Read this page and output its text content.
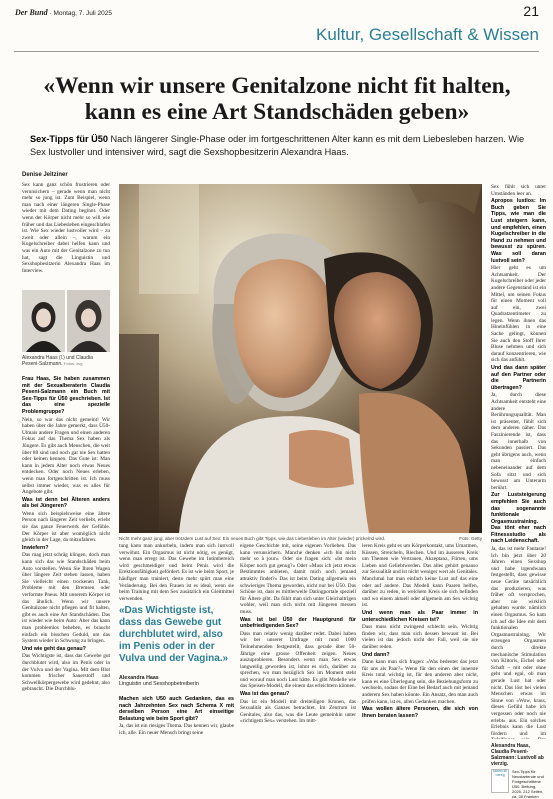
Der Bund · Montag, 7. Juli 2025	21
Kultur, Gesellschaft & Wissen
«Wenn wir unsere Genitalzone nicht fit halten, kann es eine Art Standschäden geben»
Sex-Tipps für Ü50 Nach längerer Single-Phase oder im fortgeschrittenen Alter kann es mit dem Liebesleben harzen. Wie Sex lustvoller und intensiver wird, sagt die Sexshopbesitzerin Alexandra Haas.
Denise Jeitziner

Sex kann ganz schön frustrieren oder verunsichern – gerade wenn man nicht mehr so jung ist. Zum Beispiel, wenn man nach einer längeren Single-Phase wieder mit dem Dating beginnt. Oder wenn der Körper nicht mehr so will wie früher und das Liebesleben eingeschlafen ist. Wie Sex wieder lustvoller wird – zu zweit oder allein –, warum ein Kugelschreiber dabei helfen kann und was ein Auto mit der Genitalzone zu tun hat, sagt die Linguistin und Sexshopbesitzerin Alexandra Haas im Interview.

Alexandra Haas (l.) und Claudia Peseni-Salzmann. Fotos: zvg

Frau Haas, Sie haben zusammen mit der Sexualberaterin Claudia Peseni-Salzmann ein Buch mit Sex-Tipps für Ü50 geschrieben. Ist das eine spezielle Problemgruppe?

Nein, so war das nicht gemeint! Wir haben über die Jahre gemerkt, dass Ü50-Ulmais andere Fragen und einen anderen Fokus auf das Thema Sex haben als Jüngere. Es gibt auch Menschen, die weit über 80 sind und noch gar nie Sex hatten oder keinen kennen. Das Gute ist: Man kann in jedem Alter noch etwas Neues entdecken. Oder noch Neues erleben, wenn man fortgeschritten ist. Ich muss selbst immer wieder, was es alles für Angebote gibt.

Was ist denn bei Älteren anders als bei Jüngeren?

Wenn sich beispielsweise eine ältere Person nach längerer Zeit verliebt, erlebt sie das ganze Feuerwerk der Gefühle. Der Körper ist aber womöglich nicht gleich in der Lage, da mitzufahren.

Inwiefern?

Das mag jetzt schräg klingen, doch man kann sich das wie Standschäden beim Auto vorstellen. Wenn Sie Ihren Wagen über längere Zeit stehen lassen, haben Sie vielleicht einen trockenen Tank, Probleme mit den Bremsen oder verformte Pneus. Mit unserem Körper ist das ähnlich. Wenn wir unsere Genitalzone nicht pflegen und fit halten, gibt es auch eine Art Standschäden. Das ist wieder wie beim Auto: Aber das kann man problemlos beheben, es braucht einfach ein bisschen Geduld, um das System wieder in Schwung zu bringen.

Und wie geht das genau?

Das Wichtigste ist, dass das Gewebe gut durchblutet wird, also im Penis oder in der Vulva und der Vagina. Mit dem Blut kommen frischer Sauerstoff und Schwellkörpergewebe wird gedehnt, also gebraucht. Die Durchblu-

Foto: Getty
Nicht mehr ganz jung, aber trotzdem Lust auf Sex: Ein neues Buch gibt Tipps, wie das Liebesleben im Alter (wieder) prickelnd wird.

tung kann man ankurbeln, indem man sich lustvoll verwöhnt. Ein Orgasmus ist nicht nötig, es genügt, wenn man erregt ist. Das Gewebe im Intimbereich wird geschmeidiger und beim Penis wird die Erektionsfähigkeit gefördert. Es ist wie beim Sport, je häufiger man trainiert, desto mehr spürt man eine Veränderung. Bei den Frauen ist es ideal, wenn sie beim Training mit dem Sex zusätzlich ein Gleitmittel verwenden.

«Das Wichtigste ist, dass das Gewebe gut durchblutet wird, also im Penis oder in der Vulva und der Vagina.»
Alexandra Haas
Linguistin und Sexshopbetreiberin

Machen sich Ü50 auch Gedanken, das es nach Jahrzehnten Sex nach Schema X mit derselben Person eine Art einseitige Belastung wie beim Sport gibt?

Ja, das ist ein riesiges Thema. Das kennen wir, glaube ich, alle. Ein neuer Mensch bringt seine

eigene Geschichte mit, seine eigenen Vorlieben. Das kann verunsichern. Manche denken «ich bin nicht mehr so à jour». Oder sie fragen sich: «Ist mein Körper noch gut genug?» Oder «Muss ich jetzt etwas Bestimmtes anbieten, damit mich noch jemand attraktiv findet?» Das ist beim Dating allgemein ein schwieriges Thema geworden, nicht nur bei Ü50. Das Schöne ist, dass es mittlerweile Datingportale speziell für Ältere gibt. Da fühlt man sich unter Gleichaltrigen wohler, weil man sich nicht mit Jüngeren messen muss.

Was ist bei Ü50 der Hauptgrund für unbefriedigenden Sex?

Dass man relativ wenig darüber redet. Dabei haben wir bei unserer Umfrage mit rund 1000 Teilnehmenden festgestellt, dass gerade über 50-Jährige eine grosse Offenheit zeigen. Neues auszuprobieren. Besonders wenn man Sex etwas langweilig geworden ist, lohnt es sich, darüber zu sprechen, wo man bezüglich Sex im Moment steht und worauf man noch Lust hätte. Es gibt Modelle wie das Speisen-Modell, die einem das erleichtern können.

Was ist das genau?

Das ist ein Modell mit dreiteiligen Kronen, das Sexualität als Ganzes betrachtet. Im Zentrum ist Genitales, also das, was die Leute gemeinhin unter «richtigem Sex» verstehen. Im mitt-

leren Kreis geht es um Körperkontakt, ums Umarmen, Küssen, Streicheln, Riechen. Und im äusseren Kreis um Themen wie Vertrauen, Akzeptanz, Flirten, ums Lieben und Geliebtwerden. Das alles gehört genauso zur Sexualität und ist nicht weniger wert als Genitales. Manchmal hat man einfach keine Lust auf das eine oder auf andere. Das Modell kann Paaren helfen, darüber zu reden, in welchem Kreis sie sich befinden und wo einem aktuell oder allgemein am Sex wichtig ist.

Und wenn man als Paar immer in unterschiedlichen Kreisen ist?

Dass muss nicht zwingend schlecht sein. Wichtig finden wir, dass man sich dessen bewusst ist. Bei vielen ist das jedoch nicht der Fall, weil sie nie darüber reden.

Und dann?

Dann kann man sich fragen: «Was bedeutet das jetzt für uns als Paar?» Wenn für den einen der innerste Kreis total wichtig ist, für den anderen aber nicht, kann es eine Überlegung sein, die Beziehungsform zu wechseln, sodass der Eine bei Bedarf auch mit jemand anderem Sex haben könnte. Ein Ansatz, den man auch prüfen kann, ist es, allen Gedanken machen.

Was wollen ältere Personen, die sich von Ihnen beraten lassen?

Sex fühlt sich unter Umständen leer an.

Apropos lustlos: Im Buch geben Sie Tipps, wie man die Lust steigern kann, und empfehlen, einen Kugelschreiber in die Hand zu nehmen und bewusst zu spüren. Was soll daran lustvoll sein?

Hier geht es um Achtsamkeit. Der Kugelschreiber oder jeder andere Gegenstand ist ein Mittel, um seinen Fokus für einen Moment voll auf ein, zwei Quadratzentimeter zu legen. Wenn ihnen das Hineinfühlen in eine Sache gelingt, können Sie auch den Stoff Ihrer Bluse nehmen und sich darauf konzentrieren, wie sich das anfühlt.

Und das dann später auf den Partner oder die Partnerin übertragen?

Ja, durch diese Achtsamkeit entsteht eine andere Berührungsqualität. Man ist präsenter, fühlt sich dem anderen näher. Das Faszinierende ist, dass das innerhalb von Sekunden passiert. Das geht übrigens auch, wenn man einfach nebeneinander auf dem Sofa sitzt und sich bewusst am Unterarm berührt.

Zur Luststeigerung empfehlen Sie auch das sogenannte funktionale Orgasmustraining. Das tönt eher nach Fitnessstudio als nach Leidenschaft.

Ja, das ist mehr Fantasie! Ich bin jetzt über 20 Jahren einen Sexshop und habe irgendwann festgestellt, dass gewisse neue Geräte tatsächlich das produzieren, was früher oft versprochen, aber nie wirklich gehalten wurde: nämlich einen Orgasmus. So kam ich auf die Idee mit dem funktionalen Orgasmustraining. Wir erzeugen Orgasmen durch direkte mechanische Stimulation von Klitoris, Eichel oder Schaft – mit oder ohne geht und egal, ob man gerade Lust hat oder nicht. Das löst bei vielen Menschen etwas im Sinne von «Wow, krass, dieses Gefühl habe ich vergessen oder noch nie erlebt» aus. Ein solches Erlebnis kann die Lust fördern und im

Alexandra Haas, Claudia Peseni-Salzmann: Lustvoll ab vierzig.
lustvoll ab vierzig
Sex-Tipps für Neustartende und Fortgeschrittene Ü50. Beltung, 2025. 212 Seiten, ca. 28 Franken
